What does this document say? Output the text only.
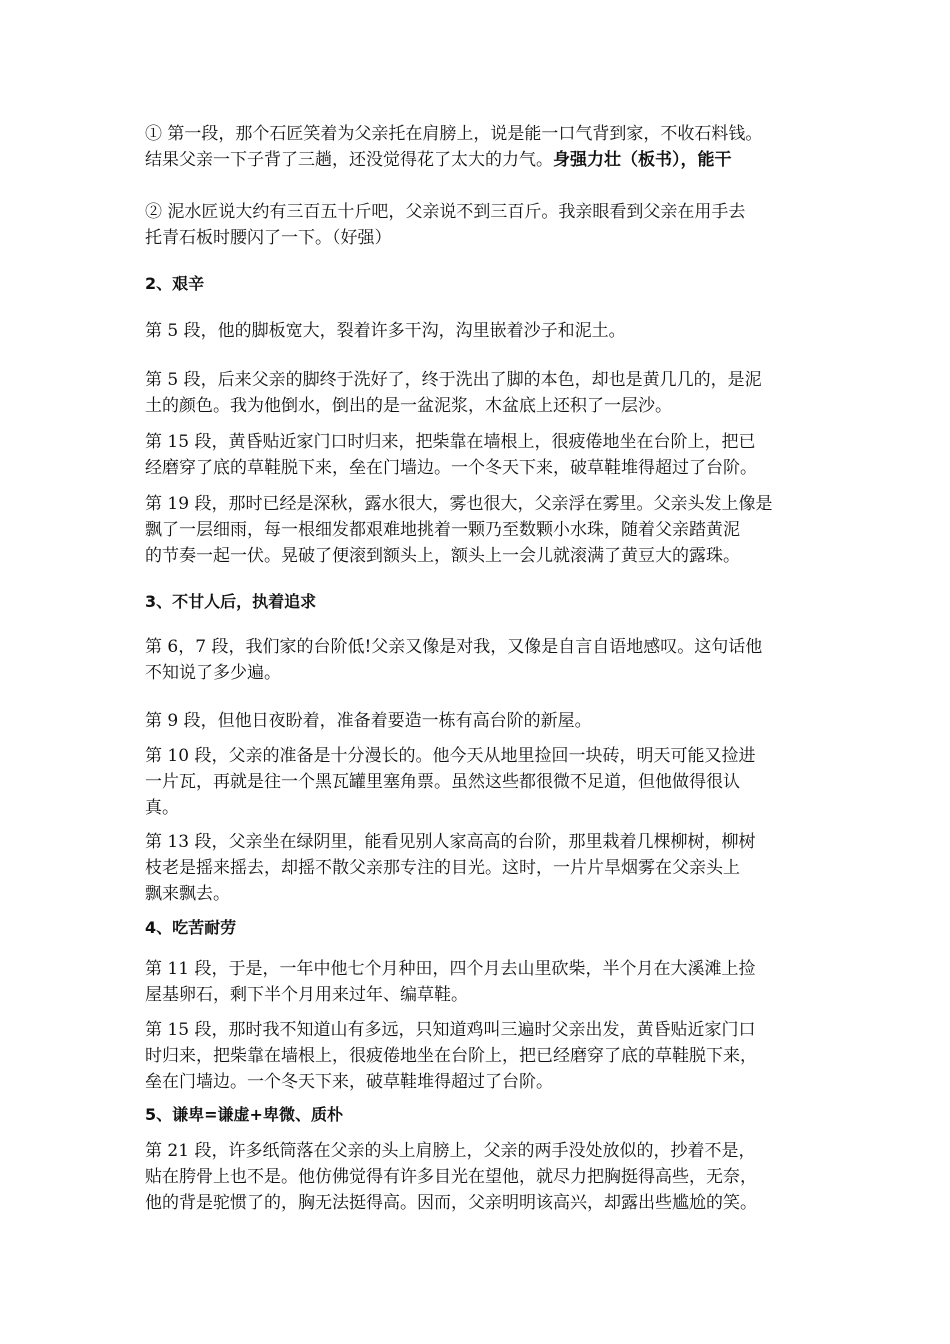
① 第一段，那个石匠笑着为父亲托在肩膀上，说是能一口气背到家，不收石料钱。
结果父亲一下子背了三趟，还没觉得花了太大的力气。身强力壮（板书），能干
② 泥水匠说大约有三百五十斤吧，父亲说不到三百斤。我亲眼看到父亲在用手去
托青石板时腰闪了一下。（好强）
2、艰辛
第 5 段，他的脚板宽大，裂着许多干沟，沟里嵌着沙子和泥土。
第 5 段，后来父亲的脚终于洗好了，终于洗出了脚的本色，却也是黄几几的，是泥
土的颜色。我为他倒水，倒出的是一盆泥浆，木盆底上还积了一层沙。
第 15 段，黄昏贴近家门口时归来，把柴靠在墙根上，很疲倦地坐在台阶上，把已
经磨穿了底的草鞋脱下来，垒在门墙边。一个冬天下来，破草鞋堆得超过了台阶。
第 19 段，那时已经是深秋，露水很大，雾也很大，父亲浮在雾里。父亲头发上像是
飘了一层细雨，每一根细发都艰难地挑着一颗乃至数颗小水珠，随着父亲踏黄泥
的节奏一起一伏。晃破了便滚到额头上，额头上一会儿就滚满了黄豆大的露珠。
3、不甘人后，执着追求
第 6，7 段，我们家的台阶低!父亲又像是对我，又像是自言自语地感叹。这句话他
不知说了多少遍。
第 9 段，但他日夜盼着，准备着要造一栋有高台阶的新屋。
第 10 段，父亲的准备是十分漫长的。他今天从地里捡回一块砖，明天可能又捡进
一片瓦，再就是往一个黑瓦罐里塞角票。虽然这些都很微不足道，但他做得很认
真。
第 13 段，父亲坐在绿阴里，能看见别人家高高的台阶，那里栽着几棵柳树，柳树
枝老是摇来摇去，却摇不散父亲那专注的目光。这时，一片片旱烟雾在父亲头上
飘来飘去。
4、吃苦耐劳
第 11 段，于是，一年中他七个月种田，四个月去山里砍柴，半个月在大溪滩上捡
屋基卵石，剩下半个月用来过年、编草鞋。
第 15 段，那时我不知道山有多远，只知道鸡叫三遍时父亲出发，黄昏贴近家门口
时归来，把柴靠在墙根上，很疲倦地坐在台阶上，把已经磨穿了底的草鞋脱下来，
垒在门墙边。一个冬天下来，破草鞋堆得超过了台阶。
5、谦卑=谦虚+卑微、质朴
第 21 段，许多纸筒落在父亲的头上肩膀上，父亲的两手没处放似的，抄着不是，
贴在胯骨上也不是。他仿佛觉得有许多目光在望他，就尽力把胸挺得高些，无奈，
他的背是驼惯了的，胸无法挺得高。因而，父亲明明该高兴，却露出些尴尬的笑。
